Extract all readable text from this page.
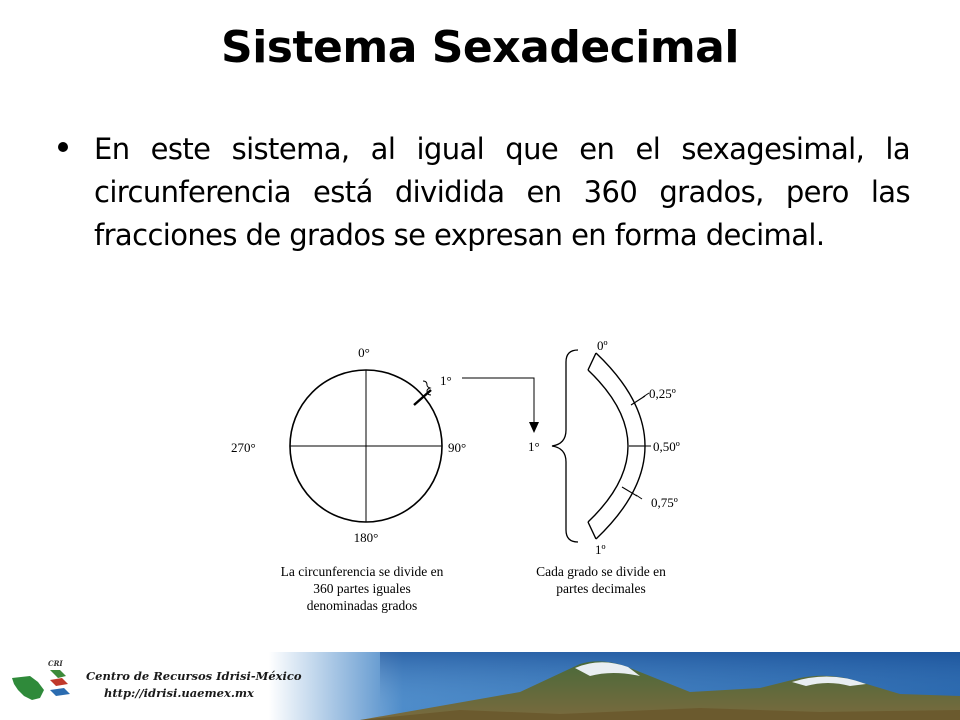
Sistema Sexadecimal
En este sistema, al igual que en el sexagesimal, la circunferencia está dividida en 360 grados, pero las fracciones de grados se expresan en forma decimal.
0°
1°
90°
270°
180°
1°
0º
0,25º
0,50º
0,75º
1º
La circunferencia se divide en
360 partes iguales
denominadas grados
Cada grado se divide en
partes decimales
CRI
Centro de Recursos Idrisi-México
http://idrisi.uaemex.mx
